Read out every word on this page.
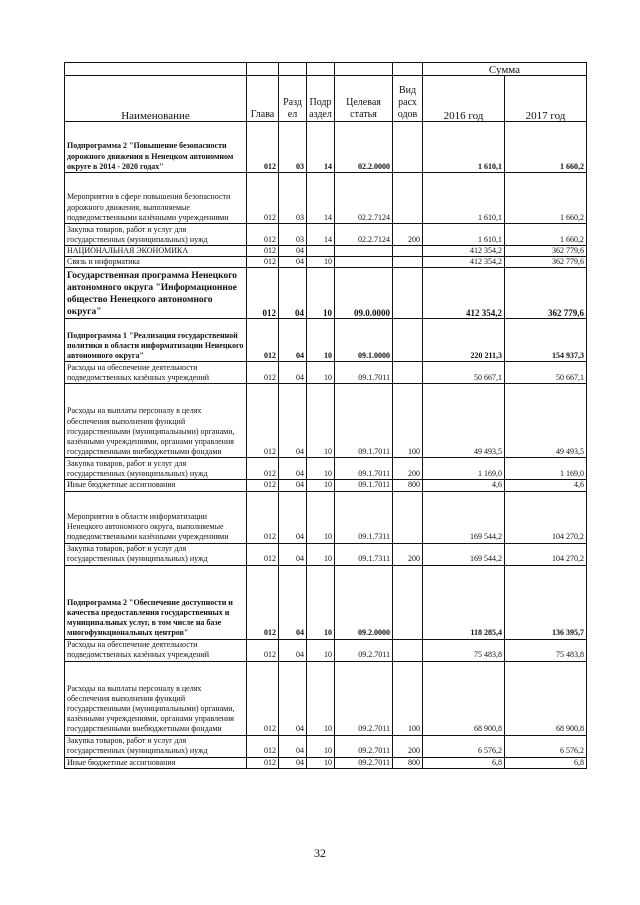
						Сумма	
Наименование	Глава	Разд ел	Подр аздел	Целевая статья	Вид расх одов	2016 год	2017 год
Подпрограмма 2 "Повышение безопасности дорожного движения в Ненецком автономном округе в 2014 - 2020 годах"	012	03	14	02.2.0000		1 610,1	1 660,2
Мероприятия в сфере повышения безопасности дорожного движения, выполняемые подведомственными казёнными учреждениями	012	03	14	02.2.7124		1 610,1	1 660,2
Закупка товаров, работ и услуг для государственных (муниципальных) нужд	012	03	14	02.2.7124	200	1 610,1	1 660,2
НАЦИОНАЛЬНАЯ ЭКОНОМИКА	012	04				412 354,2	362 779,6
Связь и информатика	012	04	10			412 354,2	362 779,6
Государственная программа Ненецкого автономного округа "Информационное общество Ненецкого автономного округа"	012	04	10	09.0.0000		412 354,2	362 779,6
Подпрограмма 1 "Реализация государственной политики в области информатизации Ненецкого автономного округа"	012	04	10	09.1.0000		220 211,3	154 937,3
Расходы на обеспечение деятельности подведомственных казённых учреждений	012	04	10	09.1.7011		50 667,1	50 667,1
Расходы на выплаты персоналу в целях обеспечения выполнения функций государственными (муниципальными) органами, казёнными учреждениями, органами управления государственными внебюджетными фондами	012	04	10	09.1.7011	100	49 493,5	49 493,5
Закупка товаров, работ и услуг для государственных (муниципальных) нужд	012	04	10	09.1.7011	200	1 169,0	1 169,0
Иные бюджетные ассигнования	012	04	10	09.1.7011	800	4,6	4,6
Мероприятия в области информатизации Ненецкого автономного округа, выполняемые подведомственными казёнными учреждениями	012	04	10	09.1.7311		169 544,2	104 270,2
Закупка товаров, работ и услуг для государственных (муниципальных) нужд	012	04	10	09.1.7311	200	169 544,2	104 270,2
Подпрограмма 2 "Обеспечение доступности и качества предоставления государственных и муниципальных услуг, в том числе на базе многофункциональных центров"	012	04	10	09.2.0000		118 285,4	136 395,7
Расходы на обеспечение деятельности подведомственных казённых учреждений	012	04	10	09.2.7011		75 483,8	75 483,8
Расходы на выплаты персоналу в целях обеспечения выполнения функций государственными (муниципальными) органами, казёнными учреждениями, органами управления государственными внебюджетными фондами	012	04	10	09.2.7011	100	68 900,8	68 900,8
Закупка товаров, работ и услуг для государственных (муниципальных) нужд	012	04	10	09.2.7011	200	6 576,2	6 576,2
Иные бюджетные ассигнования	012	04	10	09.2.7011	800	6,8	6,8
32
